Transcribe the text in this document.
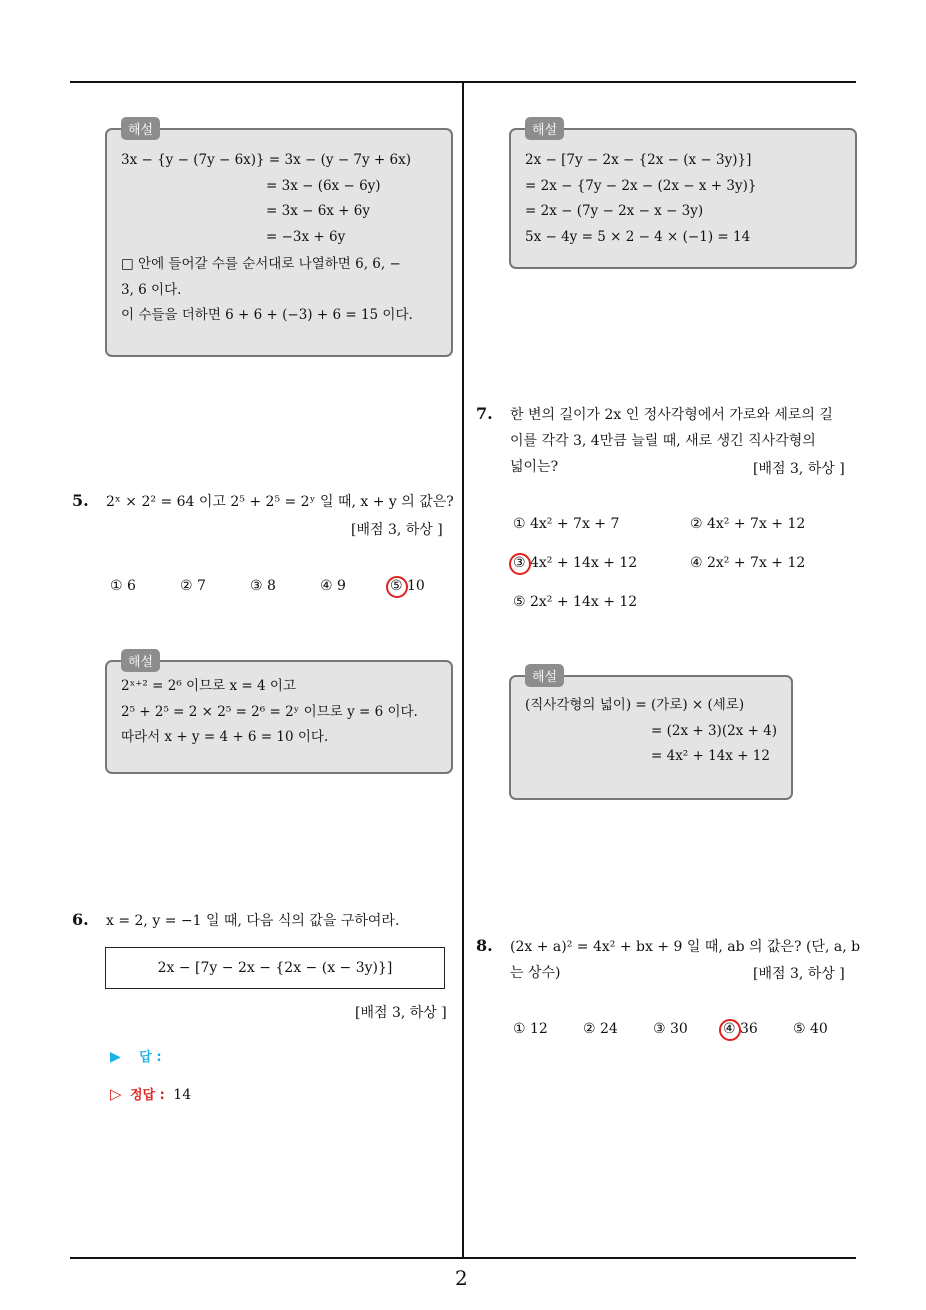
해설
3x − {y − (7y − 6x)} = 3x − (y − 7y + 6x)
= 3x − (6x − 6y)
= 3x − 6x + 6y
= −3x + 6y
□ 안에 들어갈 수를 순서대로 나열하면 6, 6, −
3, 6 이다.
이 수들을 더하면 6 + 6 + (−3) + 6 = 15 이다.
5. 2ˣ × 2² = 64 이고 2⁵ + 2⁵ = 2ʸ 일 때, x + y 의 값은?
[배점 3, 하상 ]
① 6	② 7	③ 8	④ 9	⑤ 10
해설
2ˣ⁺² = 2⁶ 이므로 x = 4 이고
2⁵ + 2⁵ = 2 × 2⁵ = 2⁶ = 2ʸ 이므로 y = 6 이다.
따라서 x + y = 4 + 6 = 10 이다.
6. x = 2, y = −1 일 때, 다음 식의 값을 구하여라.
2x − [7y − 2x − {2x − (x − 3y)}]
[배점 3, 하상 ]
▶ 답 :
▷ 정답 : 14
해설
2x − [7y − 2x − {2x − (x − 3y)}]
= 2x − {7y − 2x − (2x − x + 3y)}
= 2x − (7y − 2x − x − 3y)
5x − 4y = 5 × 2 − 4 × (−1) = 14
7. 한 변의 길이가 2x 인 정사각형에서 가로와 세로의 길
이를 각각 3, 4만큼 늘릴 때, 새로 생긴 직사각형의
넓이는?	[배점 3, 하상 ]
① 4x² + 7x + 7	② 4x² + 7x + 12
③ 4x² + 14x + 12	④ 2x² + 7x + 12
⑤ 2x² + 14x + 12
해설
(직사각형의 넓이) = (가로) × (세로)
= (2x + 3)(2x + 4)
= 4x² + 14x + 12
8. (2x + a)² = 4x² + bx + 9 일 때, ab 의 값은? (단, a, b
는 상수)	[배점 3, 하상 ]
① 12	② 24	③ 30	④ 36	⑤ 40
2
